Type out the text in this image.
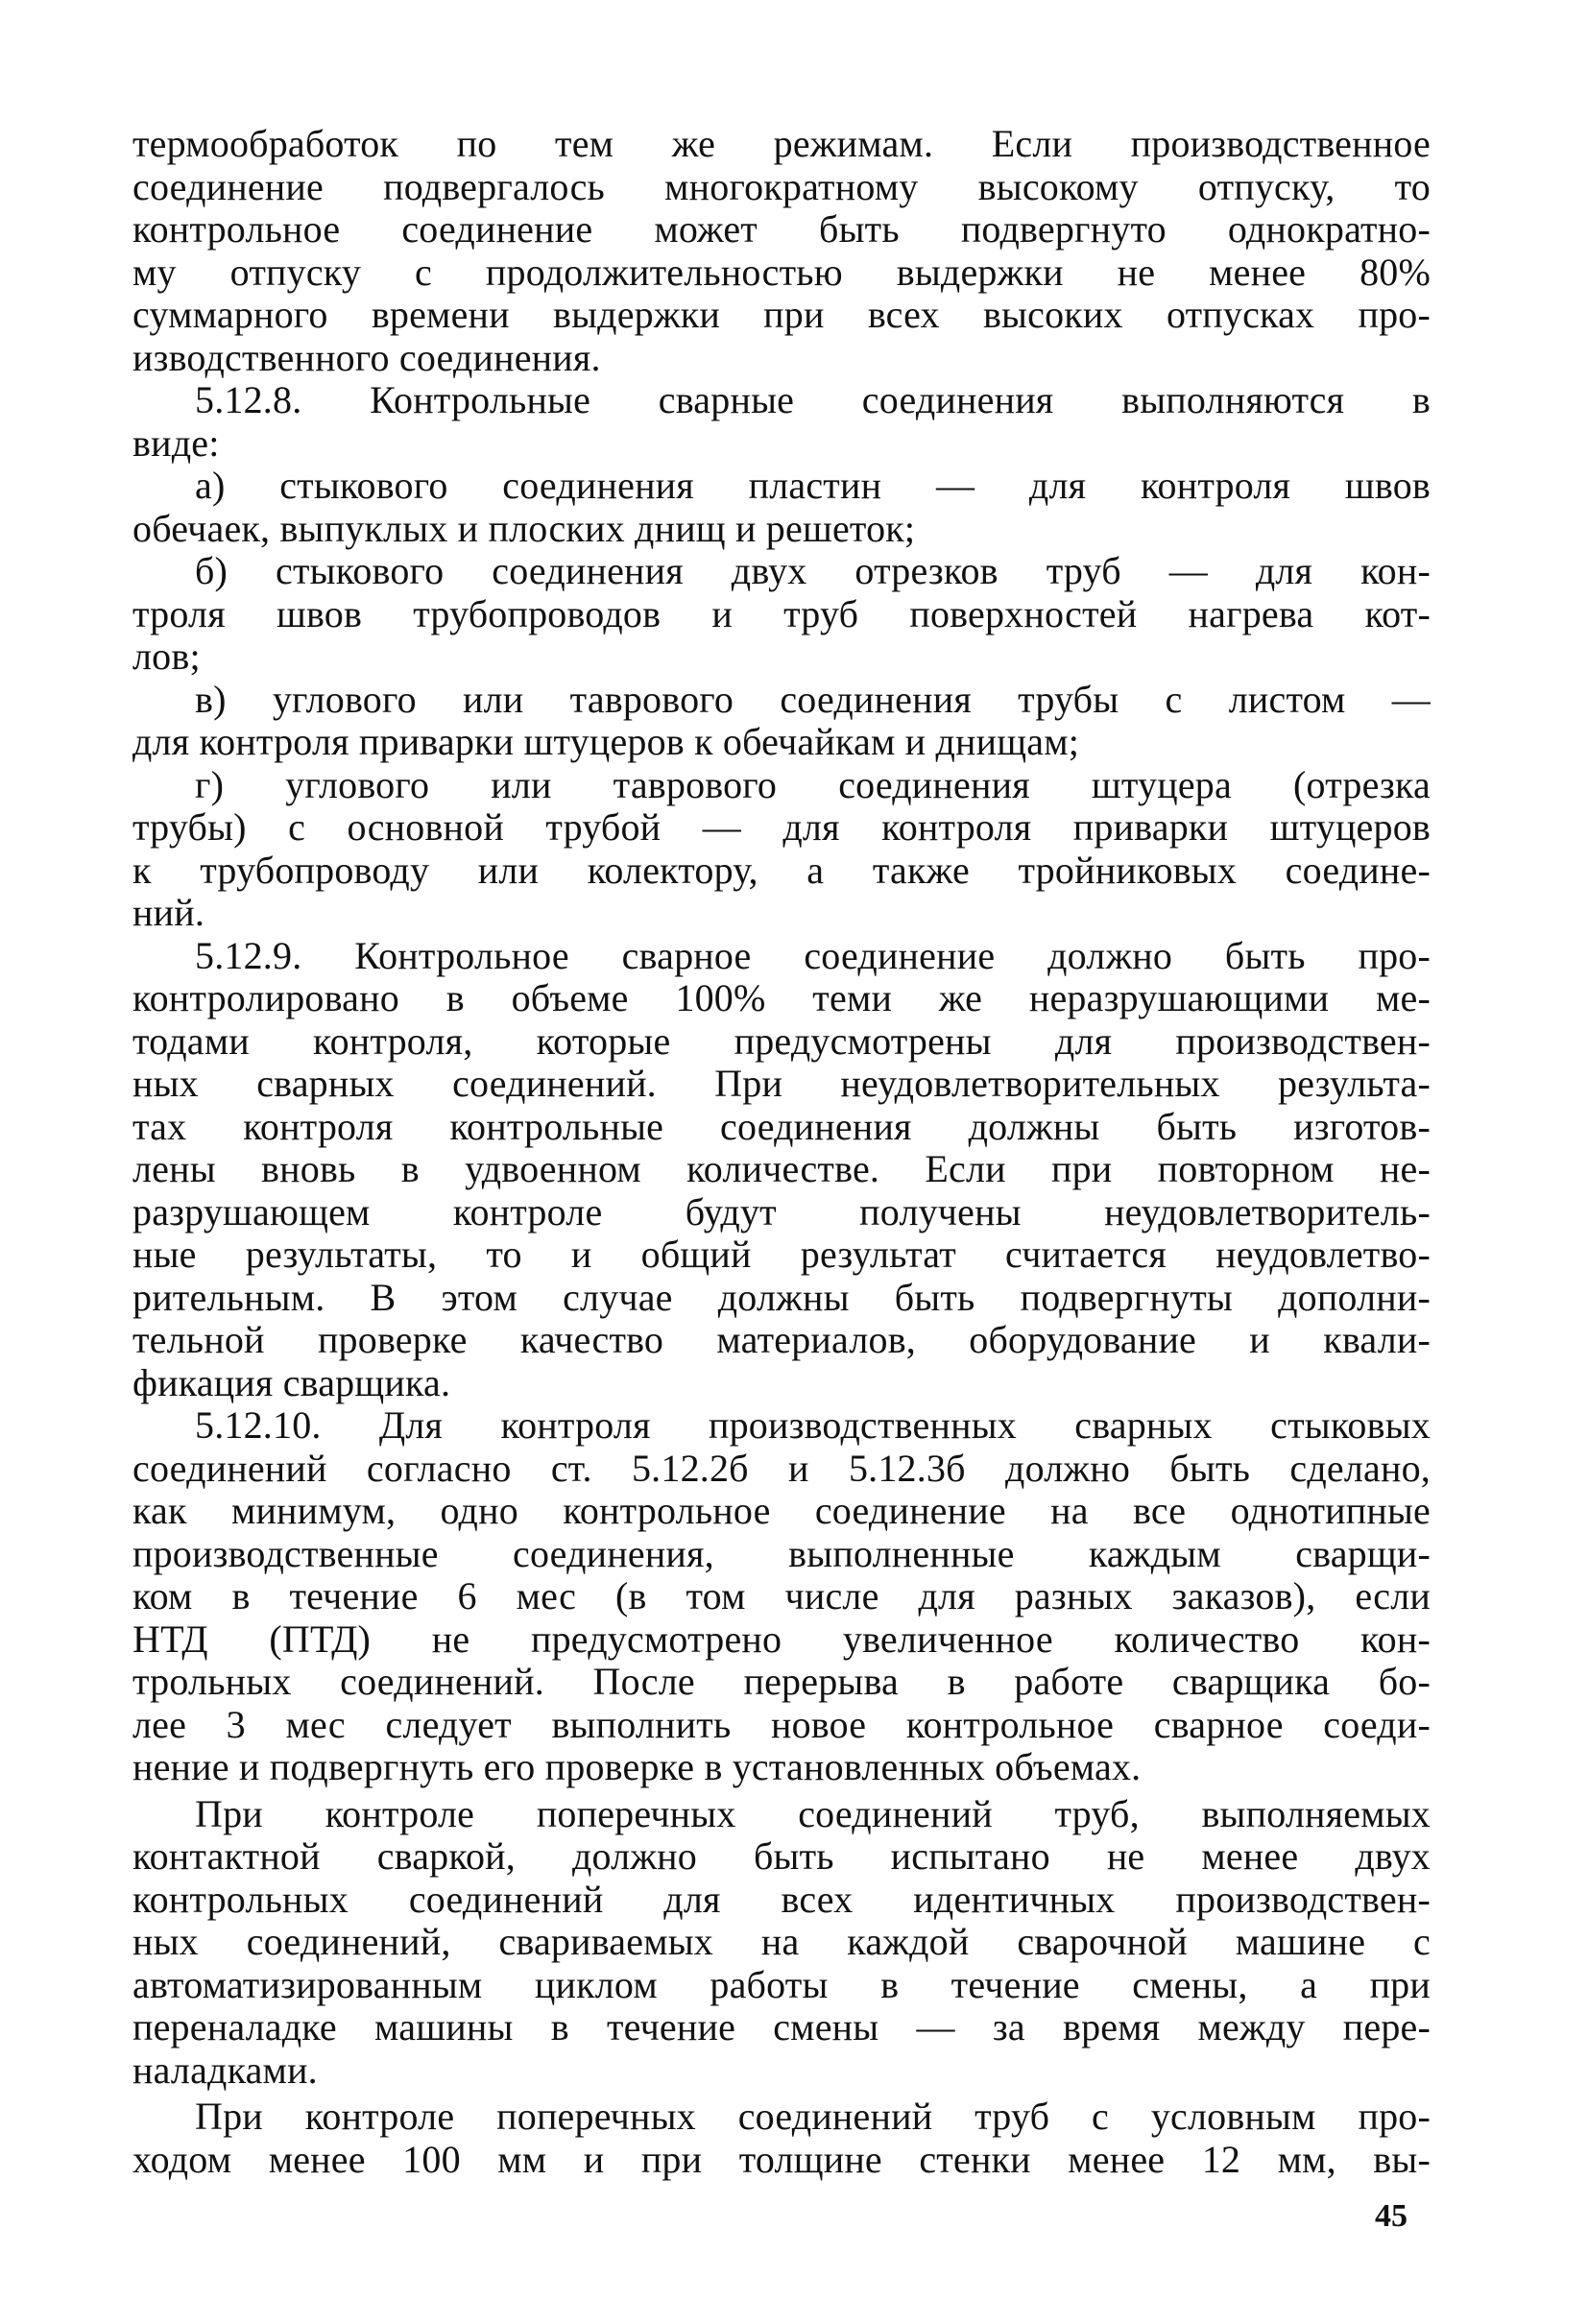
термообработок по тем же режимам. Если производственное
соединение подвергалось многократному высокому отпуску, то
контрольное соединение может быть подвергнуто однократно-
му отпуску с продолжительностью выдержки не менее 80%
суммарного времени выдержки при всех высоких отпусках про-
изводственного соединения.
5.12.8. Контрольные сварные соединения выполняются в
виде:
а) стыкового соединения пластин — для контроля швов
обечаек, выпуклых и плоских днищ и решеток;
б) стыкового соединения двух отрезков труб — для кон-
троля швов трубопроводов и труб поверхностей нагрева кот-
лов;
в) углового или таврового соединения трубы с листом —
для контроля приварки штуцеров к обечайкам и днищам;
г) углового или таврового соединения штуцера (отрезка
трубы) с основной трубой — для контроля приварки штуцеров
к трубопроводу или колектору, а также тройниковых соедине-
ний.
5.12.9. Контрольное сварное соединение должно быть про-
контролировано в объеме 100% теми же неразрушающими ме-
тодами контроля, которые предусмотрены для производствен-
ных сварных соединений. При неудовлетворительных результа-
тах контроля контрольные соединения должны быть изготов-
лены вновь в удвоенном количестве. Если при повторном не-
разрушающем контроле будут получены неудовлетворитель-
ные результаты, то и общий результат считается неудовлетво-
рительным. В этом случае должны быть подвергнуты дополни-
тельной проверке качество материалов, оборудование и квали-
фикация сварщика.
5.12.10. Для контроля производственных сварных стыковых
соединений согласно ст. 5.12.2б и 5.12.3б должно быть сделано,
как минимум, одно контрольное соединение на все однотипные
производственные соединения, выполненные каждым сварщи-
ком в течение 6 мес (в том числе для разных заказов), если
НТД (ПТД) не предусмотрено увеличенное количество кон-
трольных соединений. После перерыва в работе сварщика бо-
лее 3 мес следует выполнить новое контрольное сварное соеди-
нение и подвергнуть его проверке в установленных объемах.
При контроле поперечных соединений труб, выполняемых
контактной сваркой, должно быть испытано не менее двух
контрольных соединений для всех идентичных производствен-
ных соединений, свариваемых на каждой сварочной машине с
автоматизированным циклом работы в течение смены, а при
переналадке машины в течение смены — за время между пере-
наладками.
При контроле поперечных соединений труб с условным про-
ходом менее 100 мм и при толщине стенки менее 12 мм, вы-
45
